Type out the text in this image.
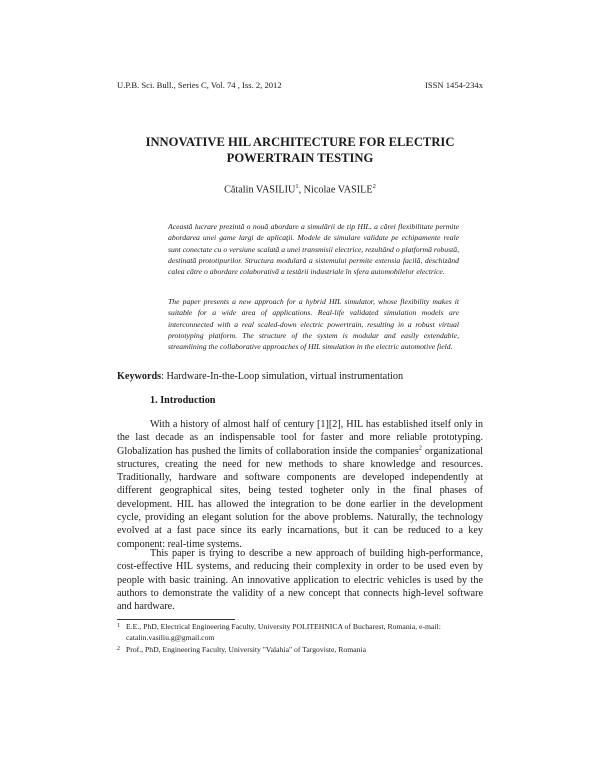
U.P.B. Sci. Bull., Series C, Vol. 74 , Iss. 2, 2012	ISSN 1454-234x
INNOVATIVE HIL ARCHITECTURE FOR ELECTRIC
POWERTRAIN TESTING
Cătalin VASILIU$^1$, Nicolae VASILE$^2$

Această lucrare prezintă o nouă abordare a simulării de tip HIL, a cărei flexibilitate permite abordarea unei game largi de aplicaţii. Modele de simulare validate pe echipamente reale sunt conectate cu o versiune scalată a unei transmisii electrice, rezultând o platformă robustă, destinată prototipurilor. Structura modulară a sistemului permite extensia facilă, deschizând calea către o abordare colaborativă a testării industriale în sfera automobilelor electrice.

The paper presents a new approach for a hybrid HIL simulator, whose flexibility makes it suitable for a wide area of applications. Real-life validated simulation models are interconnected with a real scaled-down electric powertrain, resulting in a robust virtual prototyping platform. The structure of the system is modular and easily extendable, streamlining the collaborative approaches of HIL simulation in the electric automotive field.

Keywords: Hardware-In-the-Loop simulation, virtual instrumentation
1. Introduction

With a history of almost half of century [1][2], HIL has established itself only in the last decade as an indispensable tool for faster and more reliable prototyping. Globalization has pushed the limits of collaboration inside the companies$^2$ organizational structures, creating the need for new methods to share knowledge and resources. Traditionally, hardware and software components are developed independently at different geographical sites, being tested togheter only in the final phases of development. HIL has allowed the integration to be done earlier in the development cycle, providing an elegant solution for the above problems. Naturally, the technology evolved at a fast pace since its early incarnations, but it can be reduced to a key component: real-time systems.

This paper is trying to describe a new approach of building high-performance, cost-effective HIL systems, and reducing their complexity in order to be used even by people with basic training. An innovative application to electric vehicles is used by the authors to demonstrate the validity of a new concept that connects high-level software and hardware.

1 E.E., PhD, Electrical Engineering Faculty, University POLITEHNICA of Bucharest, Romania, e-mail: catalin.vasiliu.g@gmail.com

2 Prof., PhD, Engineering Faculty, University "Valahia" of Targoviste, Romania
